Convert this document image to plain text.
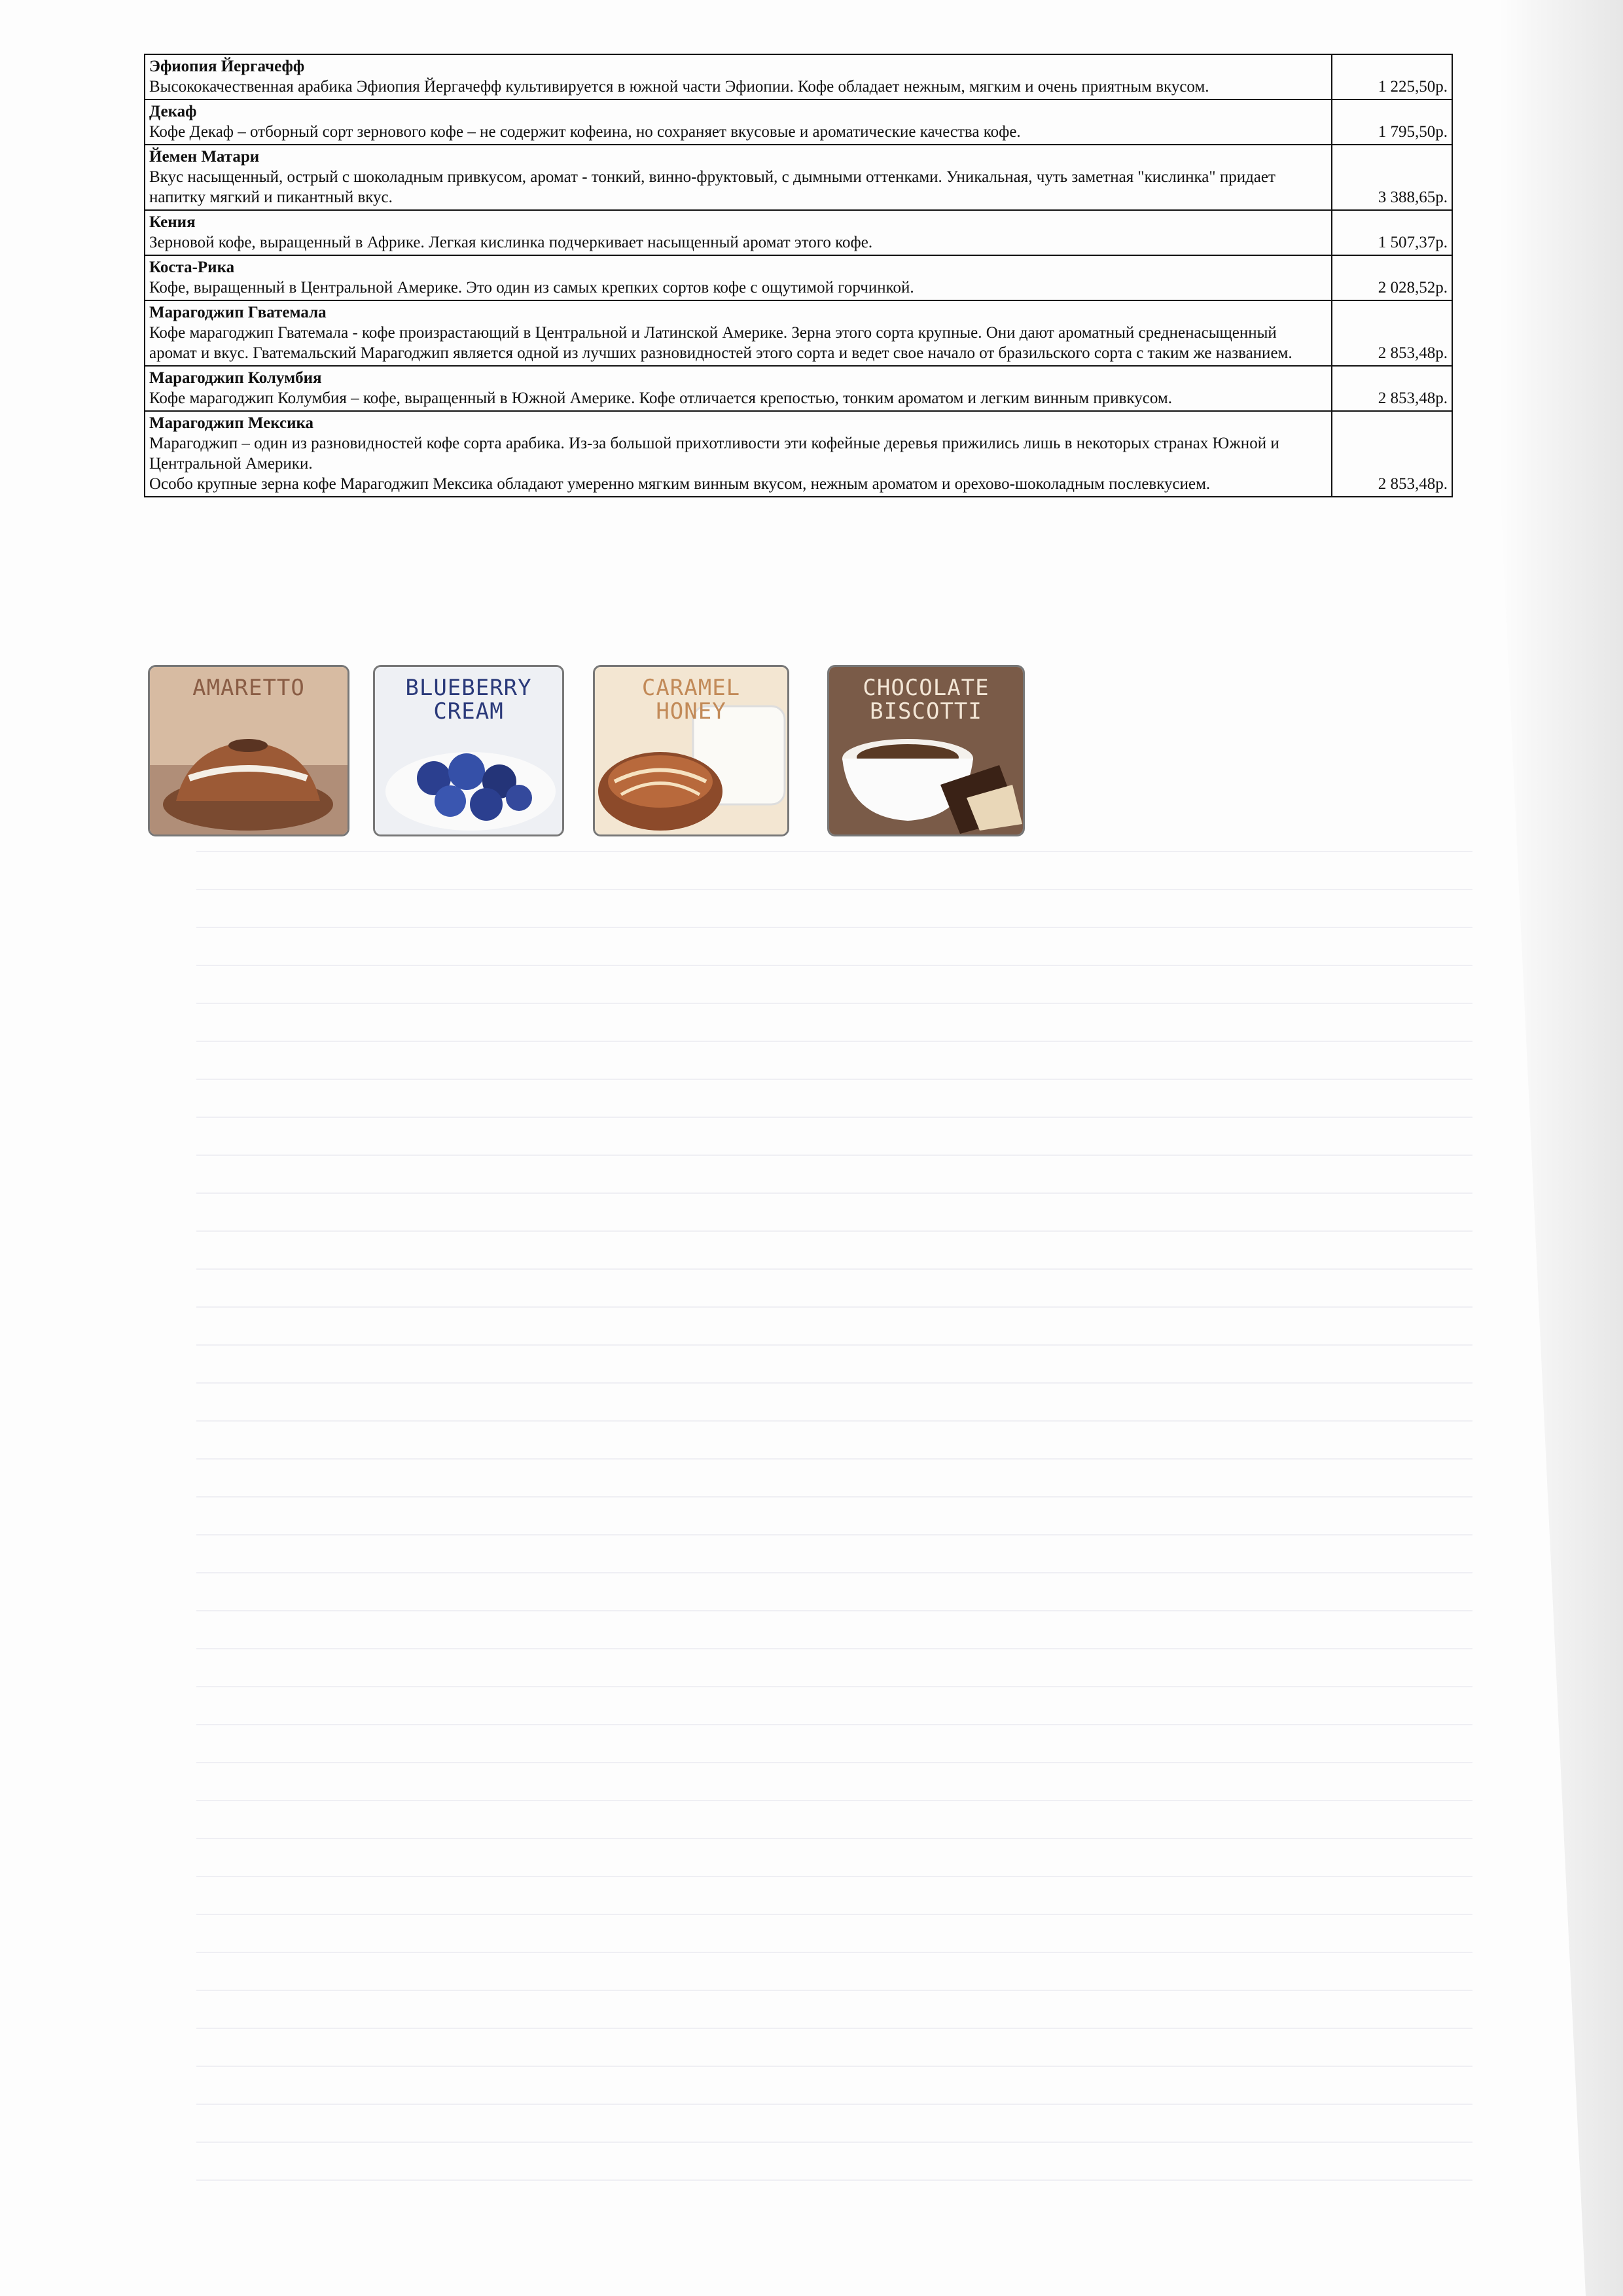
Эфиопия Йергачефф
Высококачественная арабика Эфиопия Йергачефф культивируется в южной части Эфиопии. Кофе обладает нежным, мягким и очень приятным вкусом.	1 225,50р.

Декаф
Кофе Декаф – отборный сорт зернового кофе – не содержит кофеина, но сохраняет вкусовые и ароматические качества кофе.	1 795,50р.

Йемен Матари
Вкус насыщенный, острый с шоколадным привкусом, аромат - тонкий, винно-фруктовый, с дымными оттенками. Уникальная, чуть заметная "кислинка" придает напитку мягкий и пикантный вкус.	3 388,65р.

Кения
Зерновой кофе, выращенный в Африке. Легкая кислинка подчеркивает насыщенный аромат этого кофе.	1 507,37р.

Коста-Рика
Кофе, выращенный в Центральной Америке. Это один из самых крепких сортов кофе с ощутимой горчинкой.	2 028,52р.

Марагоджип Гватемала
Кофе марагоджип Гватемала - кофе произрастающий в Центральной и Латинской Америке. Зерна этого сорта крупные. Они дают ароматный средненасыщенный аромат и вкус. Гватемальский Марагоджип является одной из лучших разновидностей этого сорта и ведет свое начало от бразильского сорта с таким же названием.	2 853,48р.

Марагоджип Колумбия
Кофе марагоджип Колумбия – кофе, выращенный в Южной Америке. Кофе отличается крепостью, тонким ароматом и легким винным привкусом.	2 853,48р.

Марагоджип Мексика
Марагоджип – один из разновидностей кофе сорта арабика. Из-за большой прихотливости эти кофейные деревья прижились лишь в некоторых странах Южной и Центральной Америки.
Особо крупные зерна кофе Марагоджип Мексика обладают умеренно мягким винным вкусом, нежным ароматом и орехово-шоколадным послевкусием.	2 853,48р.
AMARETTO	BLUEBERRY
CREAM
CARAMEL
HONEY
CHOCOLATE
BISCOTTI
